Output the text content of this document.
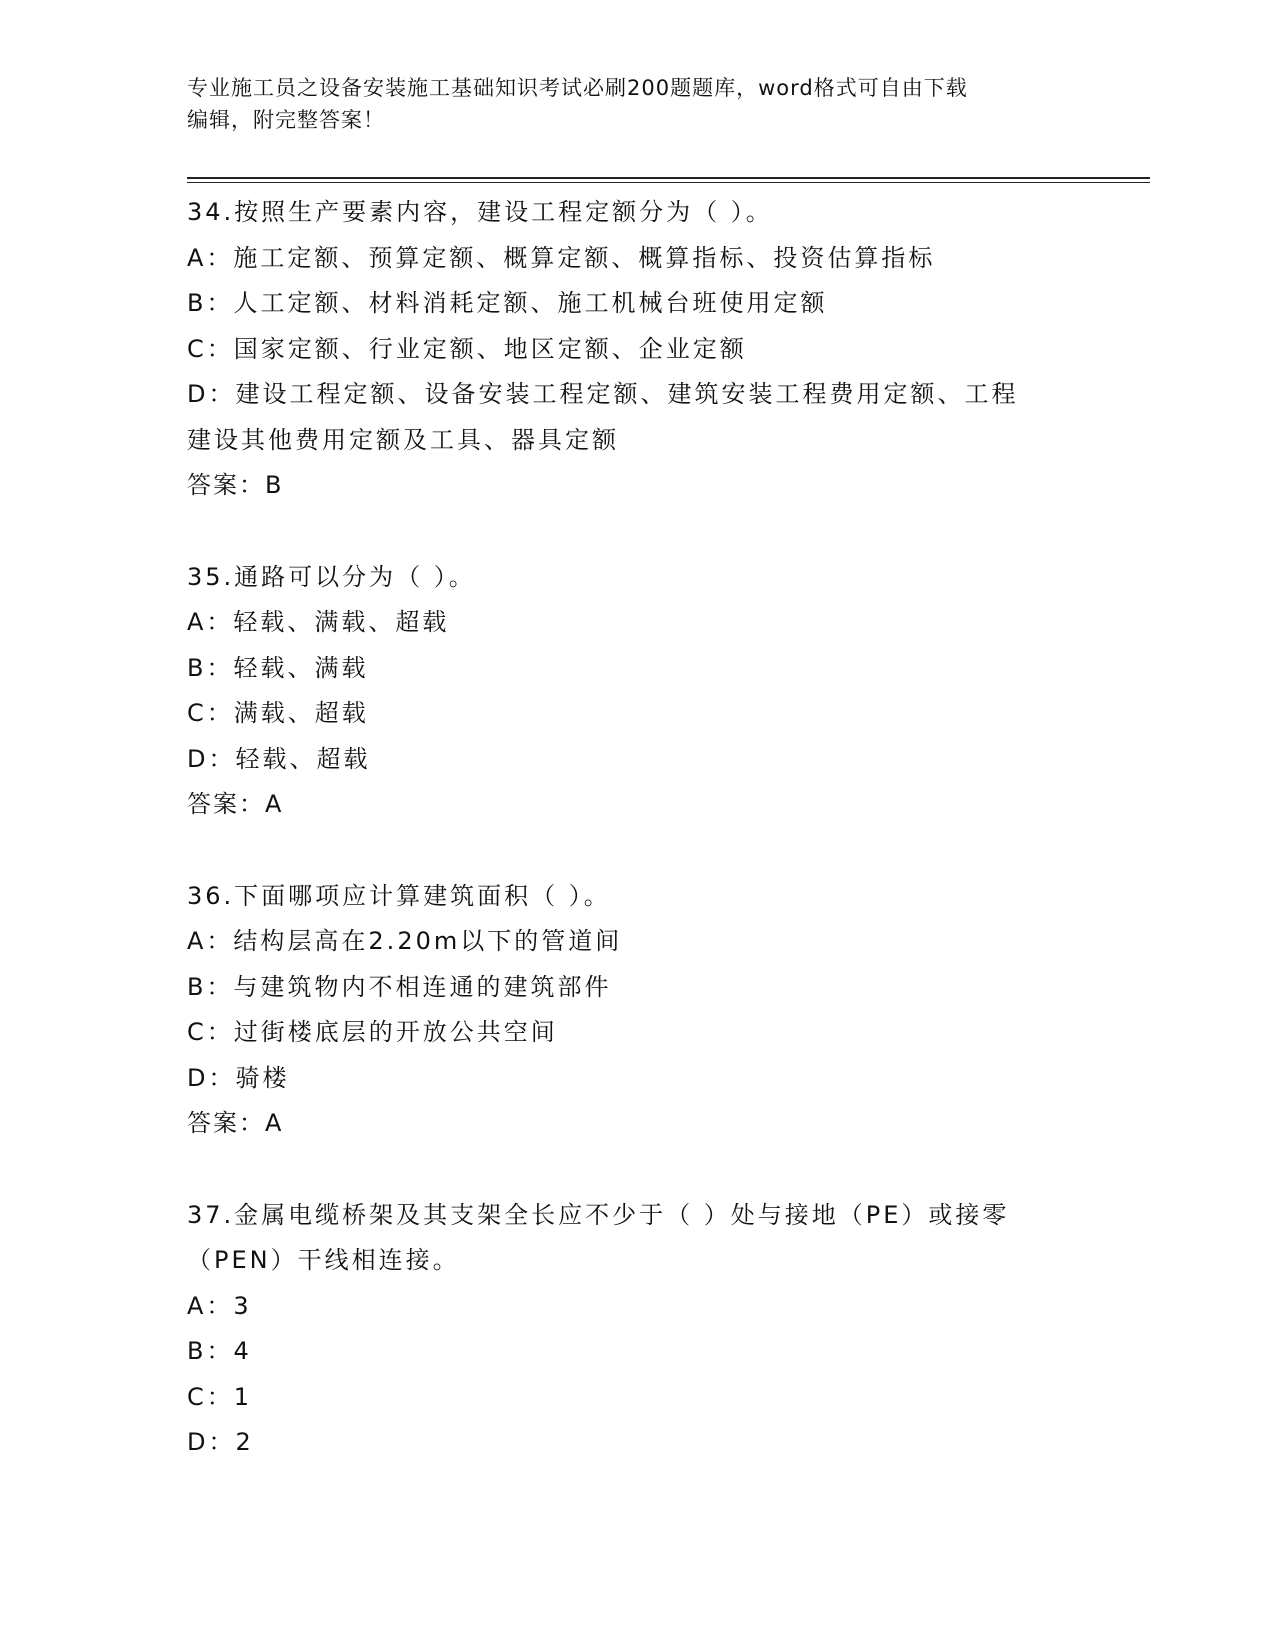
专业施工员之设备安装施工基础知识考试必刷200题题库，word格式可自由下载
编辑，附完整答案！
34.按照生产要素内容，建设工程定额分为（ ）。
A：施工定额、预算定额、概算定额、概算指标、投资估算指标
B：人工定额、材料消耗定额、施工机械台班使用定额
C：国家定额、行业定额、地区定额、企业定额
D：建设工程定额、设备安装工程定额、建筑安装工程费用定额、工程
建设其他费用定额及工具、器具定额
答案：B
35.通路可以分为（ ）。
A：轻载、满载、超载
B：轻载、满载
C：满载、超载
D：轻载、超载
答案：A
36.下面哪项应计算建筑面积（ ）。
A：结构层高在2.20m以下的管道间
B：与建筑物内不相连通的建筑部件
C：过街楼底层的开放公共空间
D：骑楼
答案：A
37.金属电缆桥架及其支架全长应不少于（ ）处与接地（PE）或接零
（PEN）干线相连接。
A：3
B：4
C：1
D：2
